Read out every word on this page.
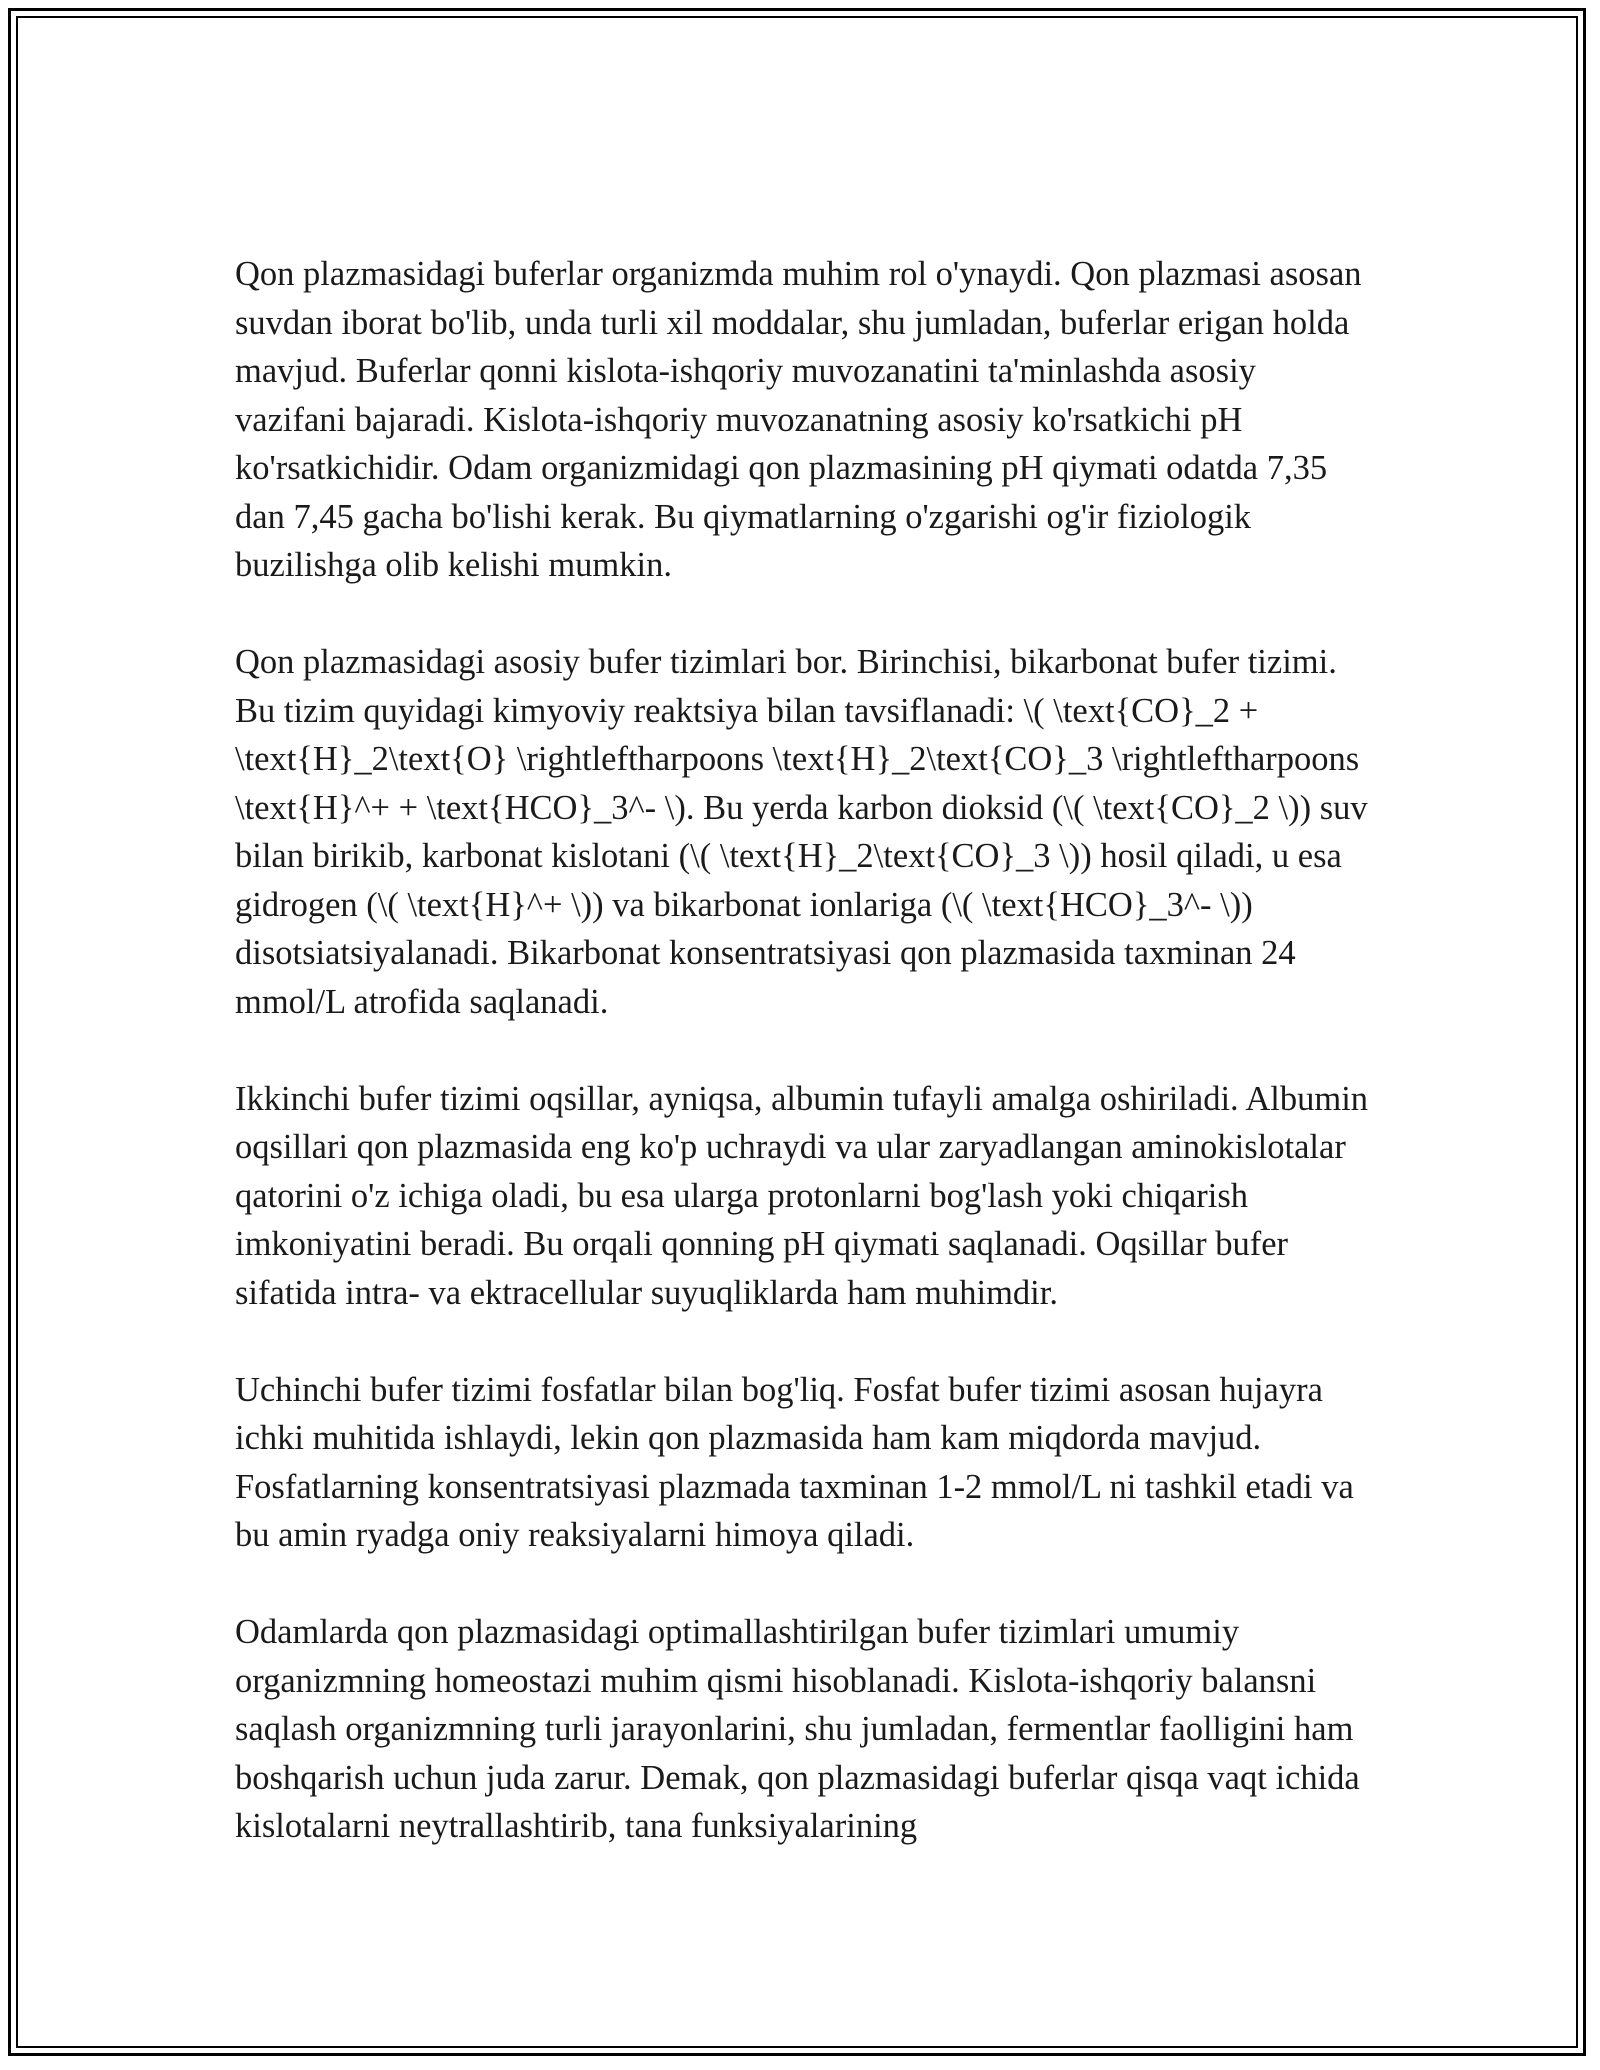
Qon plazmasidagi buferlar organizmda muhim rol o'ynaydi. Qon plazmasi asosan suvdan iborat bo'lib, unda turli xil moddalar, shu jumladan, buferlar erigan holda mavjud. Buferlar qonni kislota-ishqoriy muvozanatini ta'minlashda asosiy vazifani bajaradi. Kislota-ishqoriy muvozanatning asosiy ko'rsatkichi pH ko'rsatkichidir. Odam organizmidagi qon plazmasining pH qiymati odatda 7,35 dan 7,45 gacha bo'lishi kerak. Bu qiymatlarning o'zgarishi og'ir fiziologik buzilishga olib kelishi mumkin.

Qon plazmasidagi asosiy bufer tizimlari bor. Birinchisi, bikarbonat bufer tizimi. Bu tizim quyidagi kimyoviy reaktsiya bilan tavsiflanadi: \( \text{CO}_2 + \text{H}_2\text{O} \rightleftharpoons \text{H}_2\text{CO}_3 \rightleftharpoons \text{H}^+ + \text{HCO}_3^- \). Bu yerda karbon dioksid (\( \text{CO}_2 \)) suv bilan birikib, karbonat kislotani (\( \text{H}_2\text{CO}_3 \)) hosil qiladi, u esa gidrogen (\( \text{H}^+ \)) va bikarbonat ionlariga (\( \text{HCO}_3^- \)) disotsiatsiyalanadi. Bikarbonat konsentratsiyasi qon plazmasida taxminan 24 mmol/L atrofida saqlanadi.

Ikkinchi bufer tizimi oqsillar, ayniqsa, albumin tufayli amalga oshiriladi. Albumin oqsillari qon plazmasida eng ko'p uchraydi va ular zaryadlangan aminokislotalar qatorini o'z ichiga oladi, bu esa ularga protonlarni bog'lash yoki chiqarish imkoniyatini beradi. Bu orqali qonning pH qiymati saqlanadi. Oqsillar bufer sifatida intra- va ektracellular suyuqliklarda ham muhimdir.

Uchinchi bufer tizimi fosfatlar bilan bog'liq. Fosfat bufer tizimi asosan hujayra ichki muhitida ishlaydi, lekin qon plazmasida ham kam miqdorda mavjud. Fosfatlarning konsentratsiyasi plazmada taxminan 1-2 mmol/L ni tashkil etadi va bu amin ryadga oniy reaksiyalarni himoya qiladi.

Odamlarda qon plazmasidagi optimallashtirilgan bufer tizimlari umumiy organizmning homeostazi muhim qismi hisoblanadi. Kislota-ishqoriy balansni saqlash organizmning turli jarayonlarini, shu jumladan, fermentlar faolligini ham boshqarish uchun juda zarur. Demak, qon plazmasidagi buferlar qisqa vaqt ichida kislotalarni neytrallashtirib, tana funksiyalarining
